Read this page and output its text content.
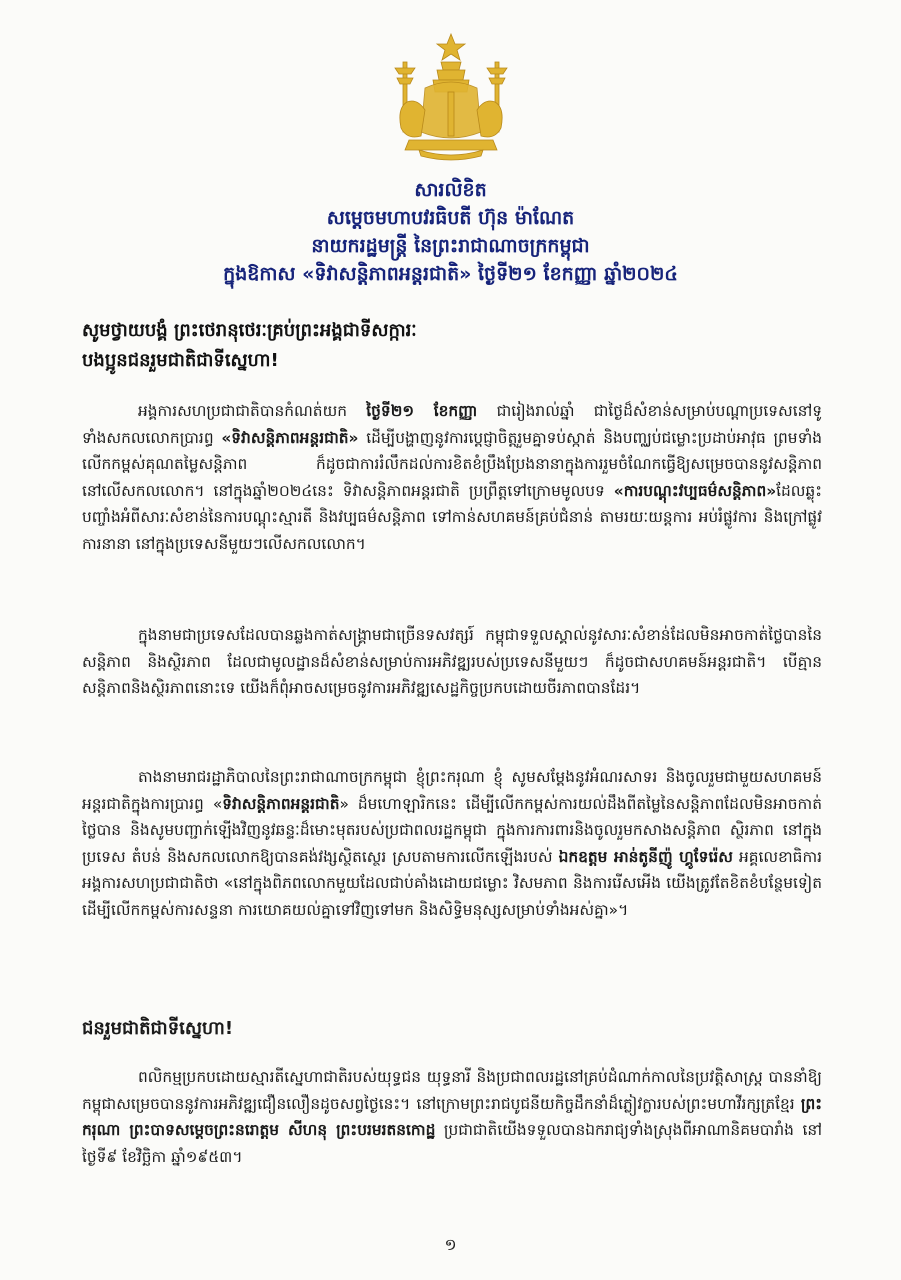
សារលិខិត
សម្ដេចមហាបវរធិបតី ហ៊ុន ម៉ាណែត
នាយករដ្ឋមន្ត្រី នៃព្រះរាជាណាចក្រកម្ពុជា
ក្នុងឱកាស «ទិវាសន្តិភាពអន្តរជាតិ» ថ្ងៃទី២១ ខែកញ្ញា ឆ្នាំ២០២៤
សូមថ្វាយបង្គំ ព្រះថេរានុថេរៈគ្រប់ព្រះអង្គជាទីសក្ការៈ
បងប្អូនជនរួមជាតិជាទីស្នេហា!

អង្គការសហប្រជាជាតិបានកំណត់យក ថ្ងៃទី២១ ខែកញ្ញា ជារៀងរាល់ឆ្នាំ ជាថ្ងៃដ៏សំខាន់សម្រាប់បណ្ដាប្រទេសនៅទូទាំងសកលលោកប្រារព្ធ «ទិវាសន្តិភាពអន្តរជាតិ» ដើម្បីបង្ហាញនូវការប្ដេជ្ញាចិត្តរួមគ្នាទប់ស្កាត់ និងបញ្ឈប់ជម្លោះប្រដាប់អាវុធ ព្រមទាំងលើកកម្ពស់គុណតម្លៃសន្តិភាព ក៏ដូចជាការរំលឹកដល់ការខិតខំប្រឹងប្រែងនានាក្នុងការរួមចំណែកធ្វើឱ្យសម្រេចបាននូវសន្តិភាពនៅលើសកលលោក។ នៅក្នុងឆ្នាំ២០២៤នេះ ទិវាសន្តិភាពអន្តរជាតិ ប្រព្រឹត្តទៅក្រោមមូលបទ «ការបណ្តុះវប្បធម៌សន្តិភាព»ដែលឆ្លុះបញ្ចាំងអំពីសារៈសំខាន់នៃការបណ្តុះស្មារតី និងវប្បធម៌សន្តិភាព ទៅកាន់សហគមន៍គ្រប់ជំនាន់ តាមរយៈយន្តការ អប់រំផ្លូវការ និងក្រៅផ្លូវការនានា នៅក្នុងប្រទេសនីមួយៗលើសកលលោក។

ក្នុងនាមជាប្រទេសដែលបានឆ្លងកាត់សង្គ្រាមជាច្រើនទសវត្សរ៍ កម្ពុជាទទួលស្គាល់នូវសារៈសំខាន់ដែលមិនអាចកាត់ថ្លៃបាននៃសន្តិភាព និងស្ថិរភាព ដែលជាមូលដ្ឋានដ៏សំខាន់សម្រាប់ការអភិវឌ្ឍរបស់ប្រទេសនីមួយៗ ក៏ដូចជាសហគមន៍អន្តរជាតិ។ បើគ្មានសន្តិភាពនិងស្ថិរភាពនោះទេ យើងក៏ពុំអាចសម្រេចនូវការអភិវឌ្ឍសេដ្ឋកិច្ចប្រកបដោយចីរភាពបានដែរ។

តាងនាមរាជរដ្ឋាភិបាលនៃព្រះរាជាណាចក្រកម្ពុជា ខ្ញុំព្រះករុណា ខ្ញុំ សូមសម្ដែងនូវអំណរសាទរ និងចូលរួមជាមួយសហគមន៍អន្តរជាតិក្នុងការប្រារព្ធ «ទិវាសន្តិភាពអន្តរជាតិ» ដ៏មហោឡារិកនេះ ដើម្បីលើកកម្ពស់ការយល់ដឹងពីតម្លៃនៃសន្តិភាពដែលមិនអាចកាត់ថ្លៃបាន និងសូមបញ្ជាក់ឡើងវិញនូវឆន្ទៈដ៏មោះមុតរបស់ប្រជាពលរដ្ឋកម្ពុជា ក្នុងការការពារនិងចូលរួមកសាងសន្តិភាព ស្ថិរភាព នៅក្នុងប្រទេស តំបន់ និងសកលលោកឱ្យបានគង់វង្សស្ថិតស្ថេរ ស្របតាមការលើកឡើងរបស់ ឯកឧត្តម អាន់តូនីញ៉ូ ហ្គូទែរ៉េស អគ្គលេខាធិការអង្គការសហប្រជាជាតិថា «នៅក្នុងពិភពលោកមួយដែលជាប់គាំងដោយជម្លោះ វិសមភាព និងការរើសអើង យើងត្រូវតែខិតខំបន្ថែមទៀតដើម្បីលើកកម្ពស់ការសន្ទនា ការយោគយល់គ្នាទៅវិញទៅមក និងសិទ្ធិមនុស្សសម្រាប់ទាំងអស់គ្នា»។

ជនរួមជាតិជាទីស្នេហា!

ពលិកម្មប្រកបដោយស្មារតីស្នេហាជាតិរបស់យុទ្ធជន យុទ្ធនារី និងប្រជាពលរដ្ឋនៅគ្រប់ដំណាក់កាលនៃប្រវត្តិសាស្ត្រ បាននាំឱ្យកម្ពុជាសម្រេចបាននូវការអភិវឌ្ឍជឿនលឿនដូចសព្វថ្ងៃនេះ។ នៅក្រោមព្រះរាជបូជនីយកិច្ចដឹកនាំដ៏ភ្លៀវក្លារបស់ព្រះមហាវីរក្សត្រខ្មែរ ព្រះករុណា ព្រះបាទសម្ដេចព្រះនរោត្តម សីហនុ ព្រះបរមរតនកោដ្ឋ ប្រជាជាតិយើងទទួលបានឯករាជ្យទាំងស្រុងពីអាណានិគមបារាំង នៅថ្ងៃទី៩ ខែវិច្ឆិកា ឆ្នាំ១៩៥៣។

១
